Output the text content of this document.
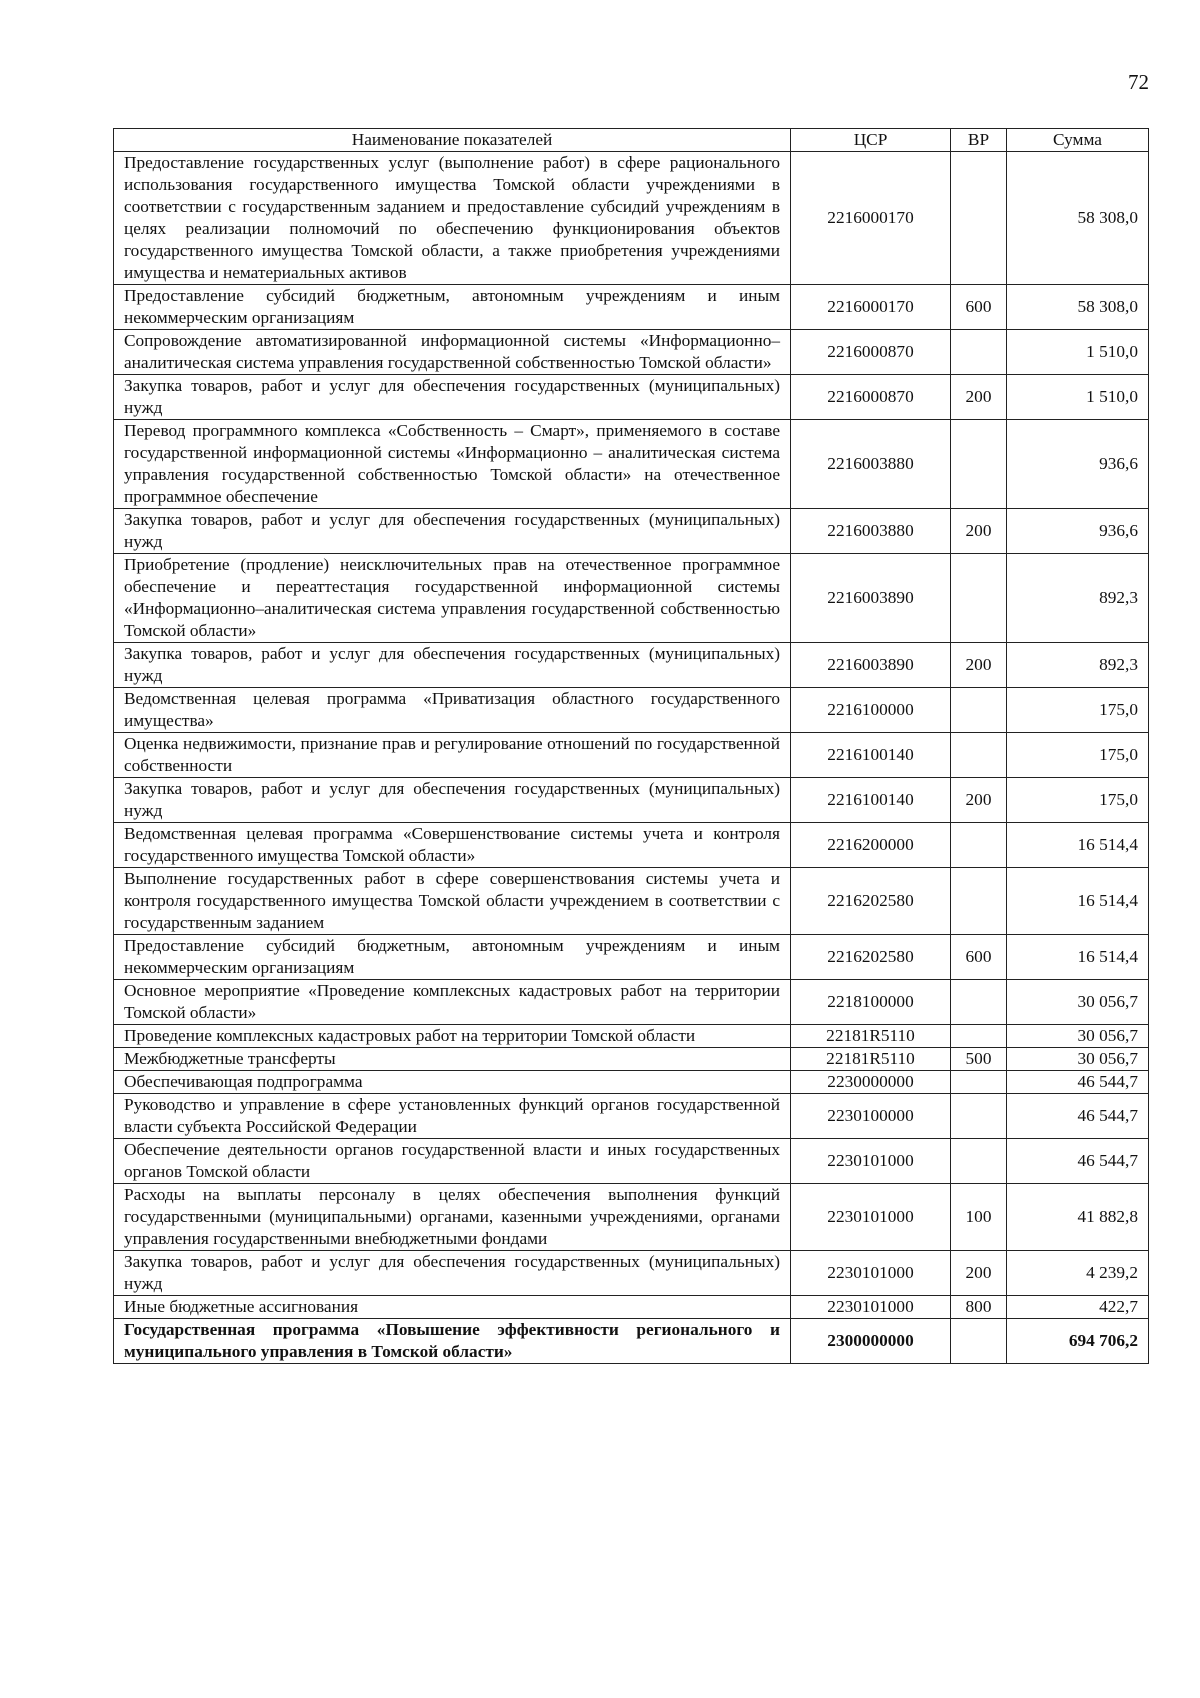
72
Наименование показателей	ЦСР	ВР	Сумма
Предоставление государственных услуг (выполнение работ) в сфере рационального использования государственного имущества Томской области учреждениями в соответствии с государственным заданием и предоставление субсидий учреждениям в целях реализации полномочий по обеспечению функционирования объектов государственного имущества Томской области, а также приобретения учреждениями имущества и нематериальных активов	2216000170		58 308,0
Предоставление субсидий бюджетным, автономным учреждениям и иным некоммерческим организациям	2216000170	600	58 308,0
Сопровождение автоматизированной информационной системы «Информационно–аналитическая система управления государственной собственностью Томской области»	2216000870		1 510,0
Закупка товаров, работ и услуг для обеспечения государственных (муниципальных) нужд	2216000870	200	1 510,0
Перевод программного комплекса «Собственность – Смарт», применяемого в составе государственной информационной системы «Информационно – аналитическая система управления государственной собственностью Томской области» на отечественное программное обеспечение	2216003880		936,6
Закупка товаров, работ и услуг для обеспечения государственных (муниципальных) нужд	2216003880	200	936,6
Приобретение (продление) неисключительных прав на отечественное программное обеспечение и переаттестация государственной информационной системы «Информационно–аналитическая система управления государственной собственностью Томской области»	2216003890		892,3
Закупка товаров, работ и услуг для обеспечения государственных (муниципальных) нужд	2216003890	200	892,3
Ведомственная целевая программа «Приватизация областного государственного имущества»	2216100000		175,0
Оценка недвижимости, признание прав и регулирование отношений по государственной собственности	2216100140		175,0
Закупка товаров, работ и услуг для обеспечения государственных (муниципальных) нужд	2216100140	200	175,0
Ведомственная целевая программа «Совершенствование системы учета и контроля государственного имущества Томской области»	2216200000		16 514,4
Выполнение государственных работ в сфере совершенствования системы учета и контроля государственного имущества Томской области учреждением в соответствии с государственным заданием	2216202580		16 514,4
Предоставление субсидий бюджетным, автономным учреждениям и иным некоммерческим организациям	2216202580	600	16 514,4
Основное мероприятие «Проведение комплексных кадастровых работ на территории Томской области»	2218100000		30 056,7
Проведение комплексных кадастровых работ на территории Томской области	22181R5110		30 056,7
Межбюджетные трансферты	22181R5110	500	30 056,7
Обеспечивающая подпрограмма	2230000000		46 544,7
Руководство и управление в сфере установленных функций органов государственной власти субъекта Российской Федерации	2230100000		46 544,7
Обеспечение деятельности органов государственной власти и иных государственных органов Томской области	2230101000		46 544,7
Расходы на выплаты персоналу в целях обеспечения выполнения функций государственными (муниципальными) органами, казенными учреждениями, органами управления государственными внебюджетными фондами	2230101000	100	41 882,8
Закупка товаров, работ и услуг для обеспечения государственных (муниципальных) нужд	2230101000	200	4 239,2
Иные бюджетные ассигнования	2230101000	800	422,7
Государственная программа «Повышение эффективности регионального и муниципального управления в Томской области»	2300000000		694 706,2
